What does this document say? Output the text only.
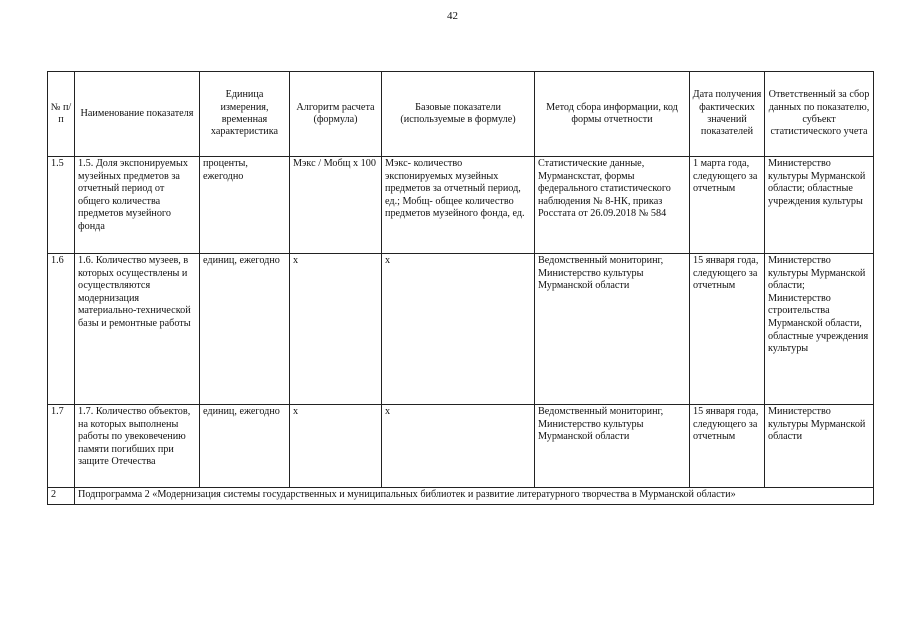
42
№ п/п	Наименование показателя	Единица измерения, временная характеристика	Алгоритм расчета (формула)	Базовые показатели (используемые в формуле)	Метод сбора информации, код формы отчетности	Дата получения фактических значений показателей	Ответственный за сбор данных по показателю, субъект статистического учета
1.5	1.5. Доля экспонируемых музейных предметов за отчетный период от общего количества предметов музейного фонда	проценты, ежегодно	Мэкс / Мобщ x 100	Мэкс- количество экспонируемых музейных предметов за отчетный период, ед.; Мобщ- общее количество предметов музейного фонда, ед.	Статистические данные, Мурманскстат, формы федерального статистического наблюдения № 8-НК, приказ Росстата от 26.09.2018 № 584	1 марта года, следующего за отчетным	Министерство культуры Мурманской области; областные учреждения культуры
1.6	1.6. Количество музеев, в которых осуществлены и осуществляются модернизация материально-технической базы и ремонтные работы	единиц, ежегодно	x	x	Ведомственный мониторинг, Министерство культуры Мурманской области	15 января года, следующего за отчетным	Министерство культуры Мурманской области; Министерство строительства Мурманской области, областные учреждения культуры
1.7	1.7. Количество объектов, на которых выполнены работы по увековечению памяти погибших при защите Отечества	единиц, ежегодно	x	x	Ведомственный мониторинг, Министерство культуры Мурманской области	15 января года, следующего за отчетным	Министерство культуры Мурманской области
2	Подпрограмма 2 «Модернизация системы государственных и муниципальных библиотек и развитие литературного творчества в Мурманской области»						
